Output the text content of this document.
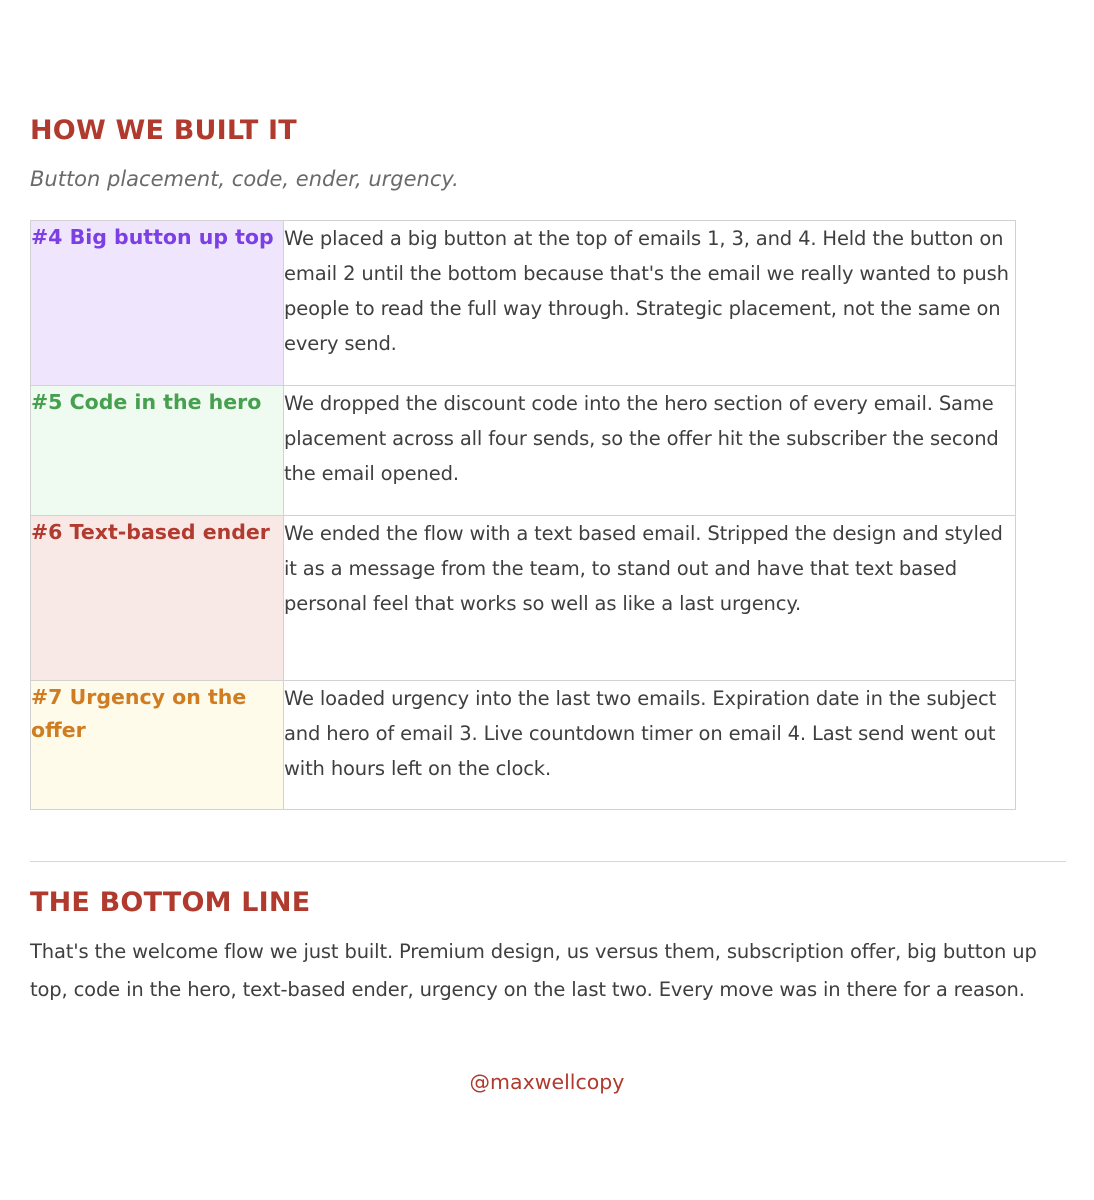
HOW WE BUILT IT

Button placement, code, ender, urgency.

#4 Big button up top	We placed a big button at the top of emails 1, 3, and 4. Held the button on email 2 until the bottom because that's the email we really wanted to push people to read the full way through. Strategic placement, not the same on every send.

#5 Code in the hero	We dropped the discount code into the hero section of every email. Same placement across all four sends, so the offer hit the subscriber the second the email opened.

#6 Text-based ender	We ended the flow with a text based email. Stripped the design and styled it as a message from the team, to stand out and have that text based personal feel that works so well as like a last urgency.

#7 Urgency on the offer	We loaded urgency into the last two emails. Expiration date in the subject and hero of email 3. Live countdown timer on email 4. Last send went out with hours left on the clock.
THE BOTTOM LINE

That's the welcome flow we just built. Premium design, us versus them, subscription offer, big button up top, code in the hero, text-based ender, urgency on the last two. Every move was in there for a reason.

@maxwellcopy
